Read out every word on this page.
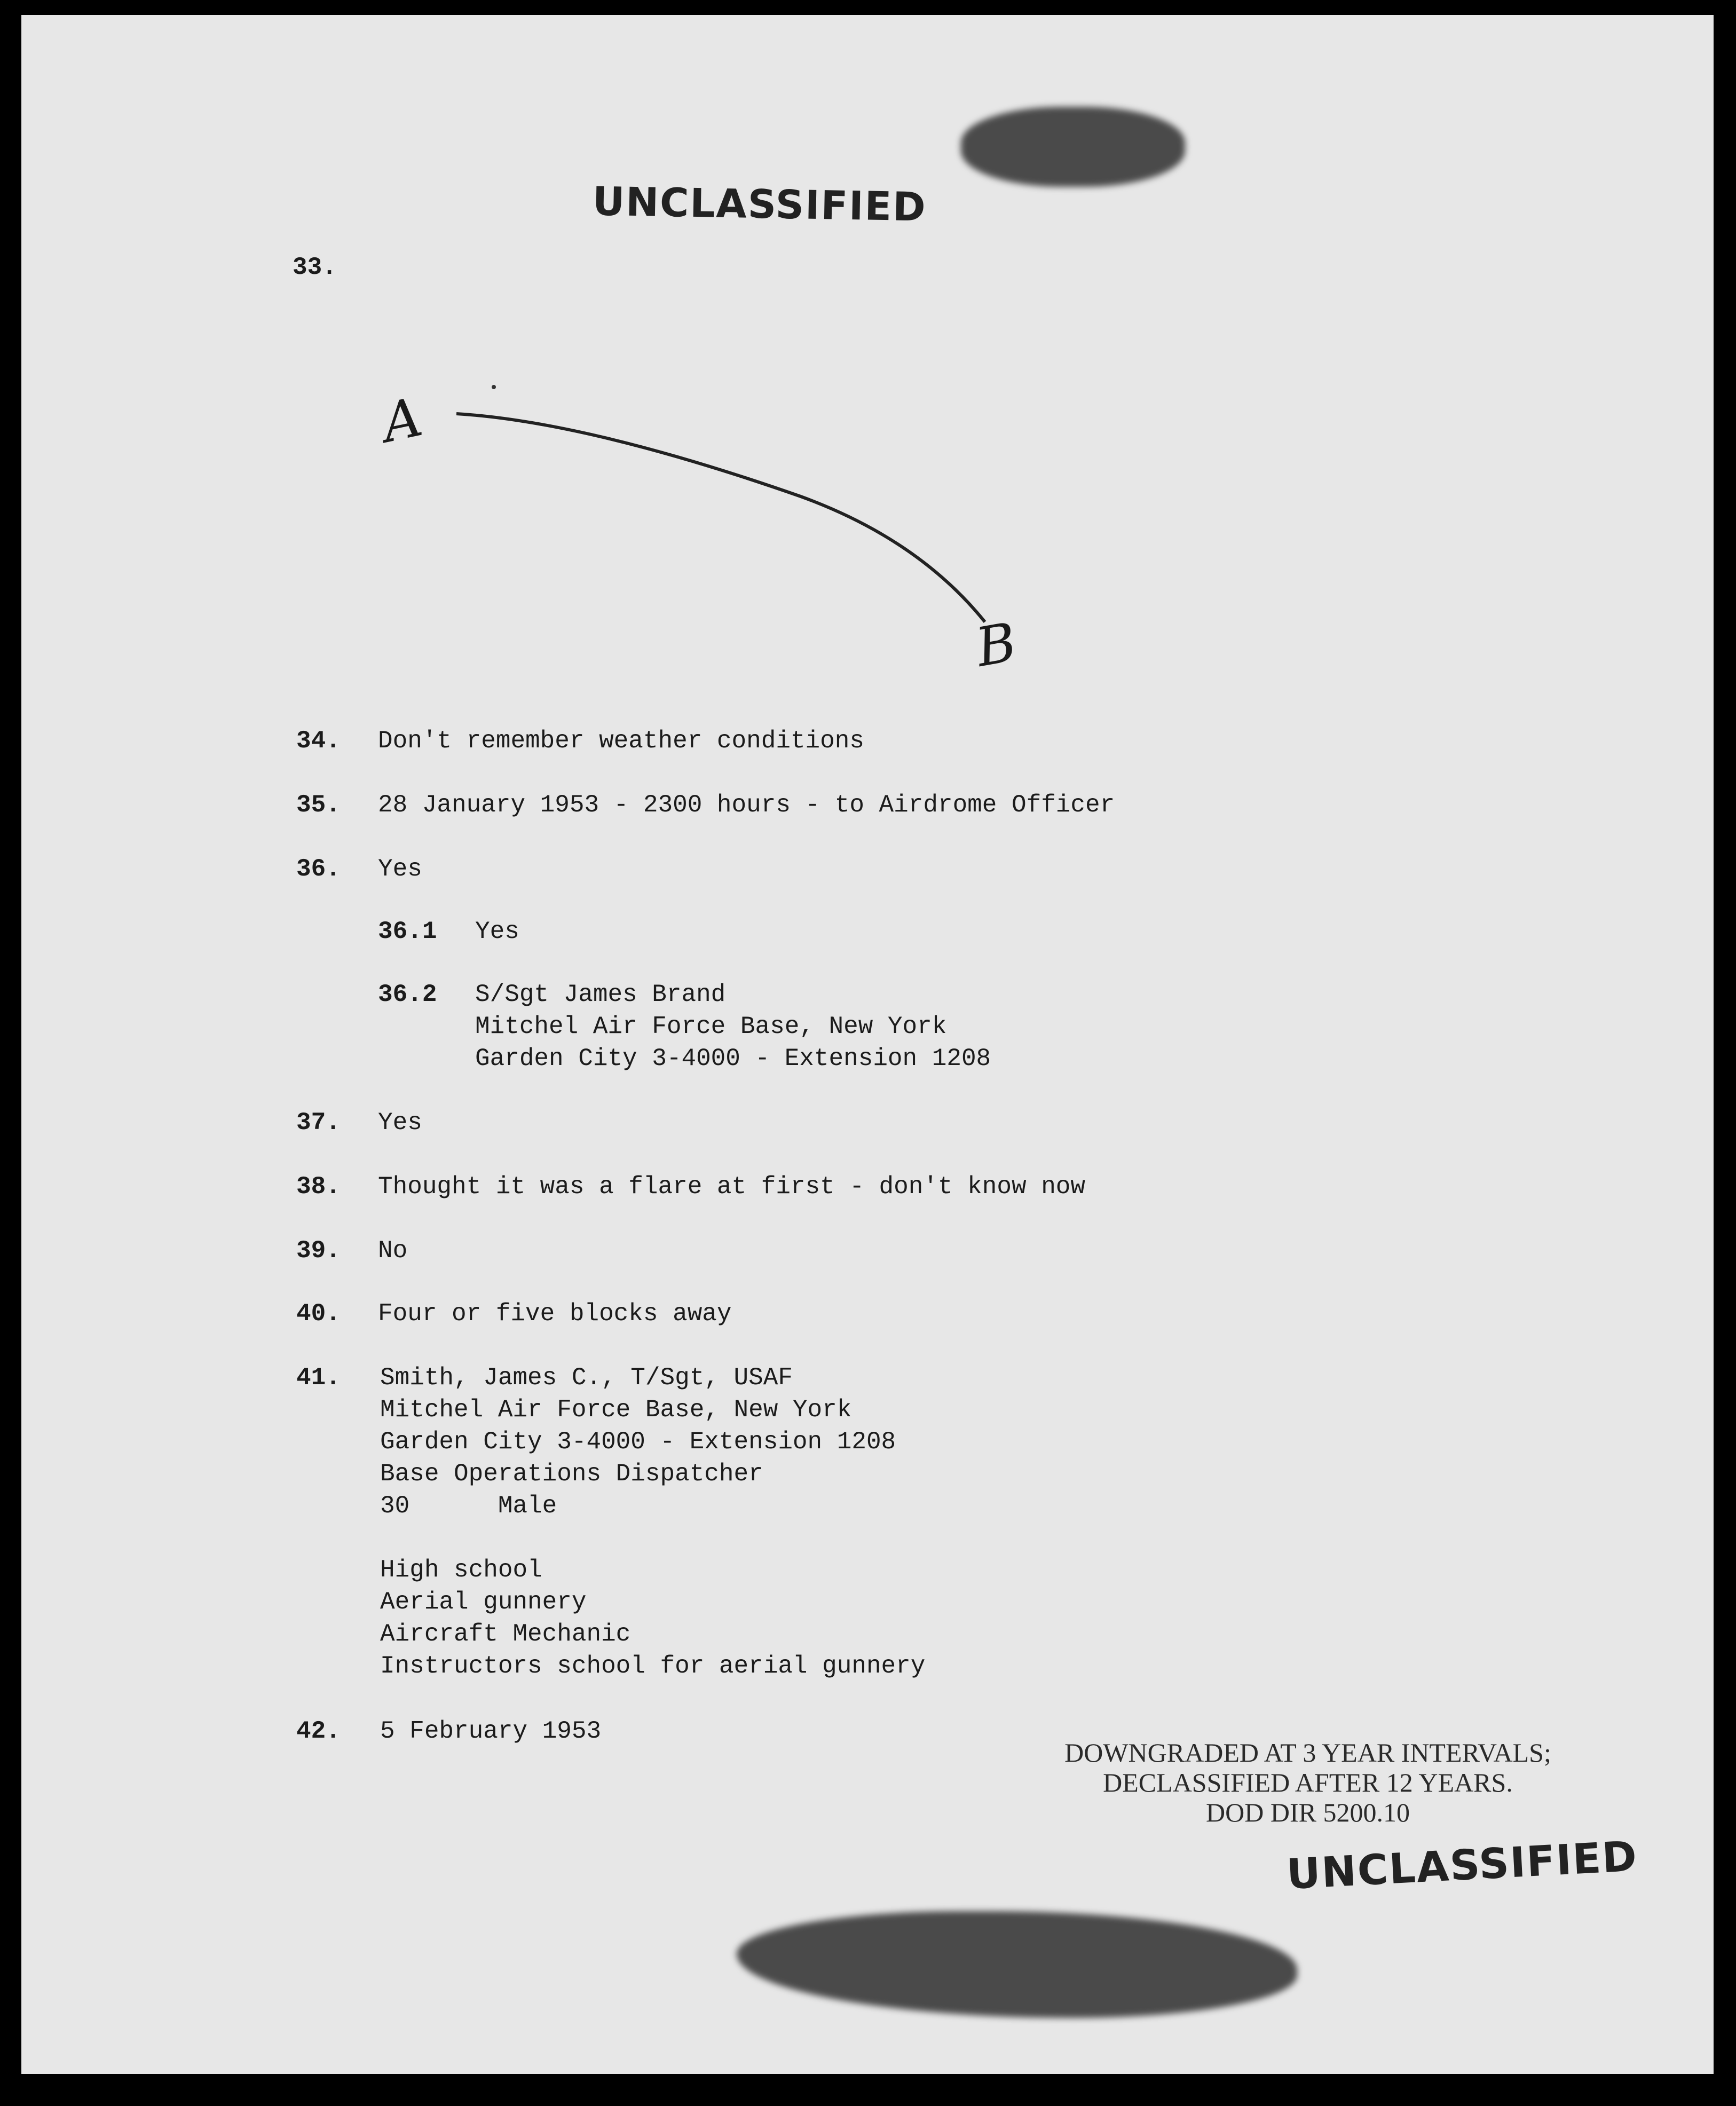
UNCLASSIFIED
A
B
33.
34. Don't remember weather conditions
35. 28 January 1953 - 2300 hours - to Airdrome Officer
36. Yes
36.1 Yes
36.2 S/Sgt James Brand
Mitchel Air Force Base, New York
Garden City 3-4000 - Extension 1208
37. Yes
38. Thought it was a flare at first - don't know now
39. No
40. Four or five blocks away
41. Smith, James C., T/Sgt, USAF
Mitchel Air Force Base, New York
Garden City 3-4000 - Extension 1208
Base Operations Dispatcher
30      Male
High school
Aerial gunnery
Aircraft Mechanic
Instructors school for aerial gunnery
42. 5 February 1953
DOWNGRADED AT 3 YEAR INTERVALS;
DECLASSIFIED AFTER 12 YEARS.
DOD DIR 5200.10
UNCLASSIFIED
